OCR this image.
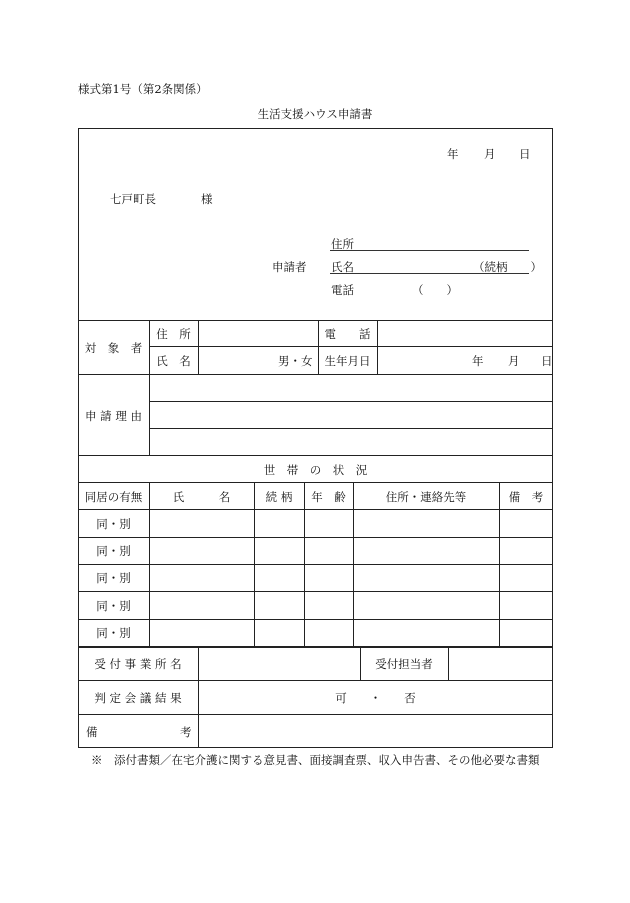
様式第1号（第2条関係）
生活支援ハウス申請書
年 月 日
七戸町長	様
住所
申請者 氏名	（続柄　　）
電話	（　　）
対　象　者
住　所	電　　話
氏　名	男・女	生年月日	年 月 日
申 請 理 由
世　帯　の　状　況
同居の有無	氏　　　名	続 柄	年　齢	住所・連絡先等	備　考
同・別
同・別
同・別
同・別
同・別
受 付 事 業 所 名	受付担当者
判 定 会 議 結 果	可　　・　　否
備	考
※　添付書類／在宅介護に関する意見書、面接調査票、収入申告書、その他必要な書類
